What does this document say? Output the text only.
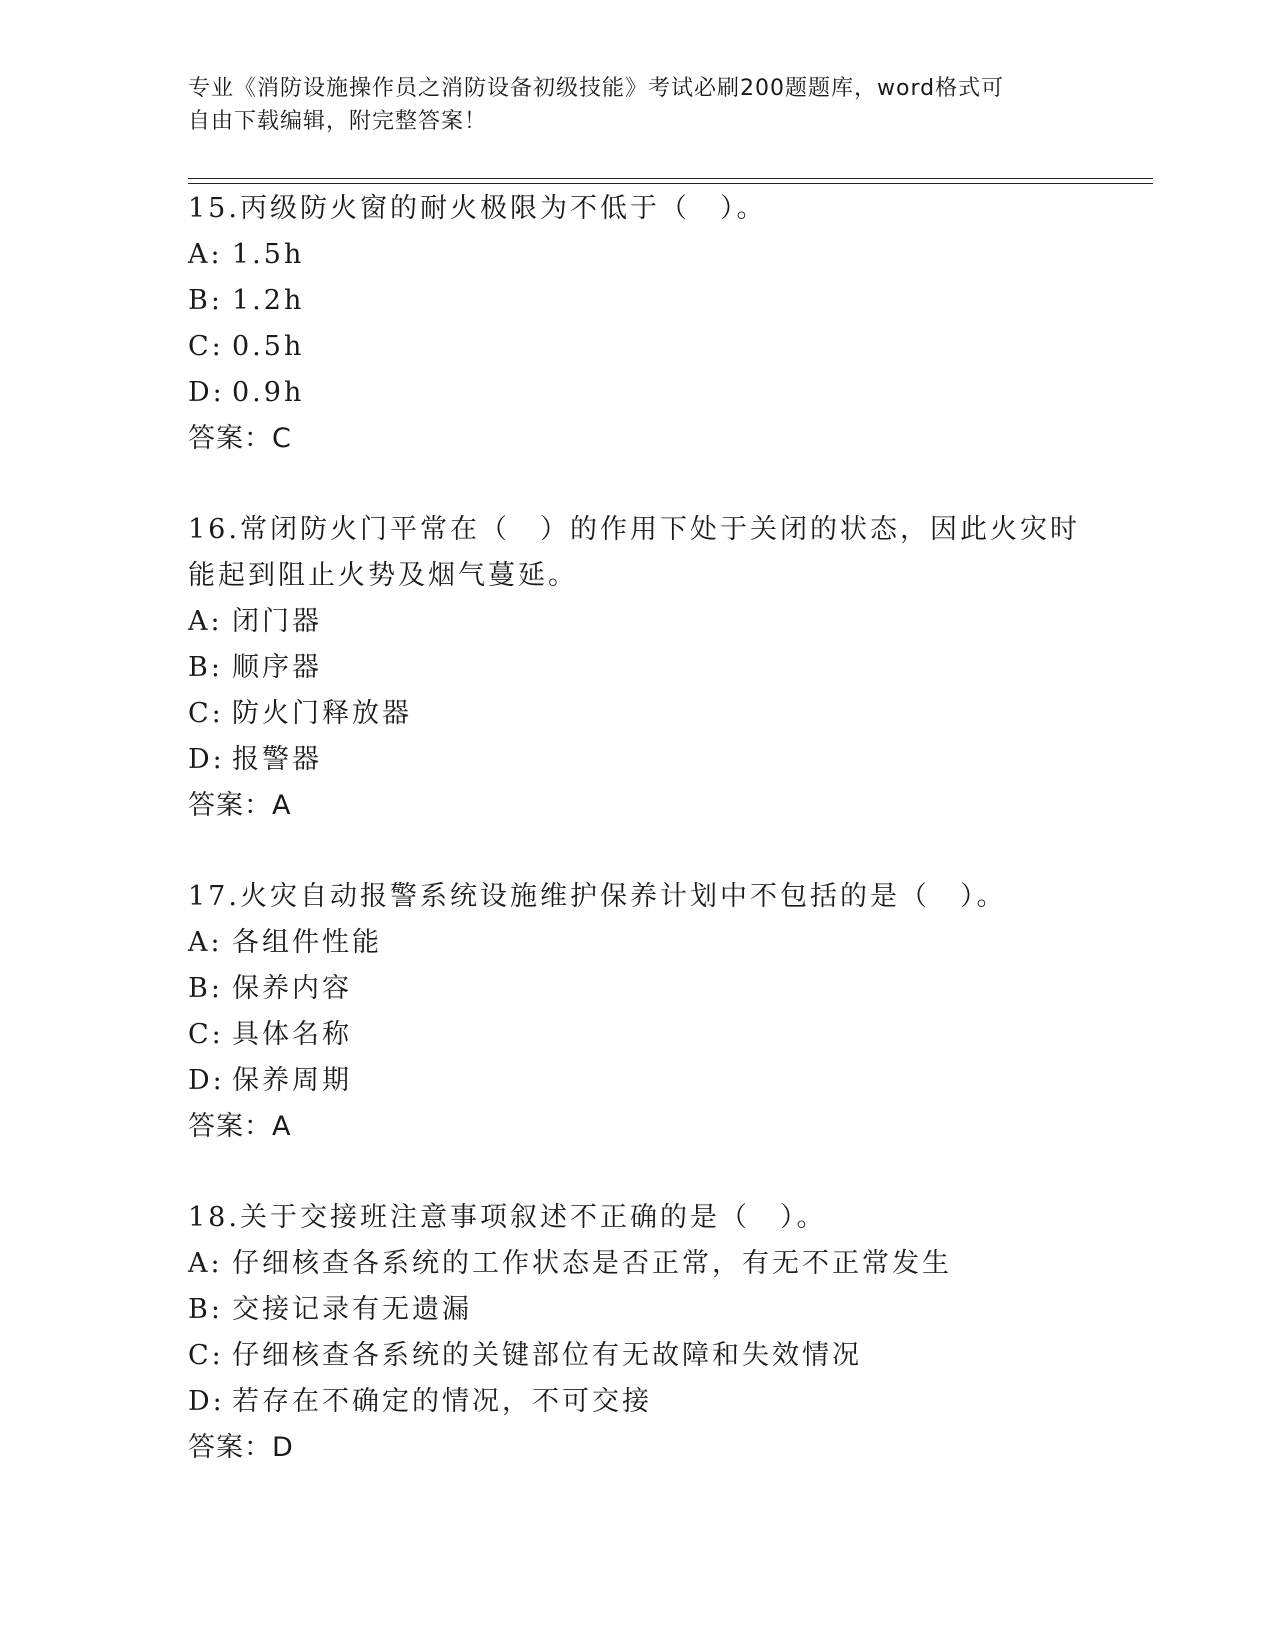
专业《消防设施操作员之消防设备初级技能》考试必刷200题题库，word格式可
自由下载编辑，附完整答案！

15.丙级防火窗的耐火极限为不低于（　）。

A: 1.5h
B: 1.2h
C: 0.5h
D: 0.9h
答案：C

16.常闭防火门平常在（　）的作用下处于关闭的状态，因此火灾时能起到阻止火势及烟气蔓延。

A: 闭门器
B: 顺序器
C: 防火门释放器
D: 报警器
答案：A

17.火灾自动报警系统设施维护保养计划中不包括的是（　）。

A: 各组件性能
B: 保养内容
C: 具体名称
D: 保养周期
答案：A

18.关于交接班注意事项叙述不正确的是（　）。

A: 仔细核查各系统的工作状态是否正常，有无不正常发生
B: 交接记录有无遗漏
C: 仔细核查各系统的关键部位有无故障和失效情况
D: 若存在不确定的情况，不可交接
答案：D
